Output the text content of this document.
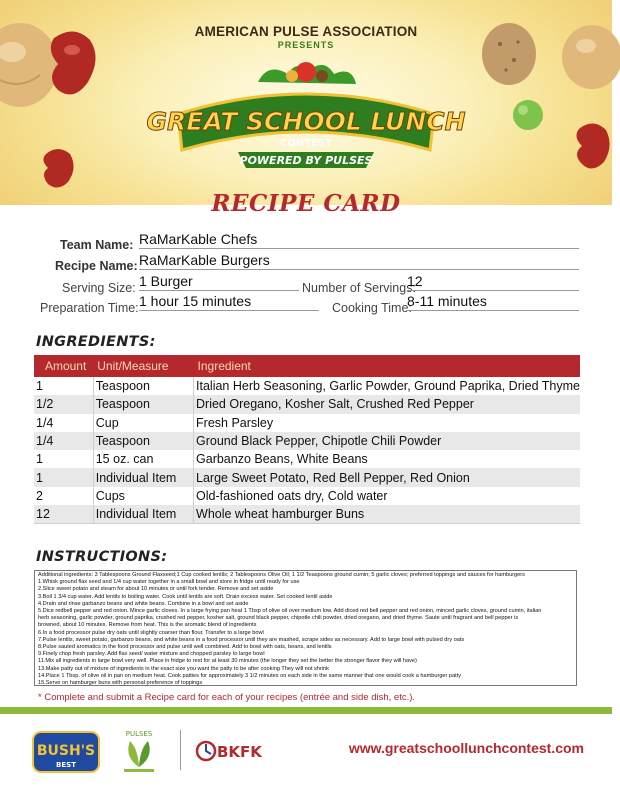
AMERICAN PULSE ASSOCIATION
PRESENTS
GREAT SCHOOL LUNCH
CONTEST
POWERED BY PULSES
RECIPE CARD
Team Name: RaMarKable Chefs
Recipe Name: RaMarKable Burgers
Serving Size: 1 Burger	Number of Servings:
12
Preparation Time: 1 hour 15 minutes	Cooking Time:
8-11 minutes
INGREDIENTS:
Amount	Unit/Measure	Ingredient
1	Teaspoon	Italian Herb Seasoning, Garlic Powder, Ground Paprika, Dried Thyme
1/2	Teaspoon	Dried Oregano, Kosher Salt, Crushed Red Pepper
1/4	Cup	Fresh Parsley
1/4	Teaspoon	Ground Black Pepper, Chipotle Chili Powder
1	15 oz. can	Garbanzo Beans, White Beans
1	Individual Item	Large Sweet Potato, Red Bell Pepper, Red Onion
2	Cups	Old-fashioned oats dry, Cold water
12	Individual Item	Whole wheat hamburger Buns
INSTRUCTIONS:
Additional ingredients: 3 Tablespoons Ground Flaxseed;1 Cup cooked lentils; 2 Tablespoons Olive Oil; 1 1/2 Teaspoons ground cumin; 5 garlic cloves; preferred toppings and sauces for hamburgers
1.Whisk ground flax seed and 1/4 cup water together in a small bowl and store in fridge until ready for use
2.Slice sweet potato and steam for about 10 minutes or until fork tender. Remove and set aside
3.Boil 1 3/4 cup water. Add lentils to boiling water. Cook until lentils are soft. Drain excess water. Set cooked lentil aside
4.Drain and rinse garbanzo beans and white beans. Combine in a bowl and set aside
5.Dice redbell pepper and red onion. Mince garlic cloves. In a large frying pan heat 1 Tbsp of olive oil over medium low. Add diced red bell pepper and red onion, minced garlic cloves, ground cumin, italian
herb seasoning, garlic powder, ground paprika, crushed red pepper, kosher salt, ground black pepper, chipotle chili powder, dried oregano, and dried thyme. Saute until fragrant and bell pepper is
browned, about 10 minutes. Remove from heat. This is the aromatic blend of ingredients
6.In a food processor pulse dry oats until slightly coarser than flour. Transfer to a large bowl
7.Pulse lentils, sweet potato, garbanzo beans, and white beans in a food processor until they are mashed, scrape sides as necessary. Add to large bowl with pulsed dry oats
8.Pulse sauted aromatics in the food processor and pulse until well combined. Add to bowl with oats, beans, and lentils
9.Finely chop fresh parsley. Add flax seed/ water mixture and chopped parsley to large bowl
11.Mix all ingredients in large bowl very well. Place in fridge to rest for at least 30 minutes (the longer they set the better the stronger flavor they will have)
13.Make patty out of mixture of ingredients in the exact size you want the patty to be after cooking They will not shrink
14.Place 1 Tbsp. of olive oil in pan on medium heat. Cook patties for approximately 3 1/2 minutes on each side in the same manner that one would cook a hamburger patty
15.Serve on hamburger buns with personal preference of toppings
* Complete and submit a Recipe card for each of your recipes (entrée and side dish, etc.).
BUSH'S
BEST
PULSES
BKFK	www.greatschoollunchcontest.com
